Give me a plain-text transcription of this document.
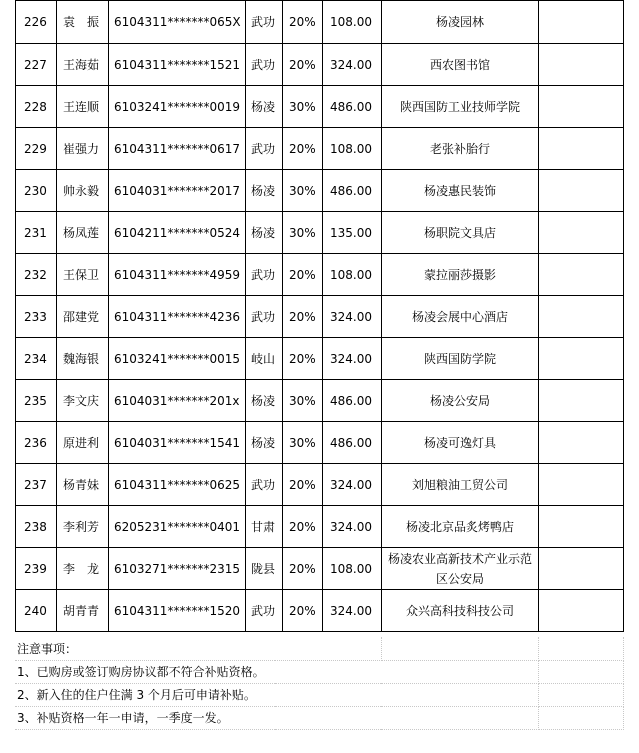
226	袁　振	6104311*******065X	武功	20%	108.00	杨凌园林	
227	王海茹	6104311*******1521	武功	20%	324.00	西农图书馆	
228	王连顺	6103241*******0019	杨凌	30%	486.00	陕西国防工业技师学院	
229	崔强力	6104311*******0617	武功	20%	108.00	老张补胎行	
230	帅永毅	6104031*******2017	杨凌	30%	486.00	杨凌惠民装饰	
231	杨凤莲	6104211*******0524	杨凌	30%	135.00	杨职院文具店	
232	王保卫	6104311*******4959	武功	20%	108.00	蒙拉丽莎摄影	
233	邵建党	6104311*******4236	武功	20%	324.00	杨凌会展中心酒店	
234	魏海银	6103241*******0015	岐山	20%	324.00	陕西国防学院	
235	李文庆	6104031*******201x	杨凌	30%	486.00	杨凌公安局	
236	原进利	6104031*******1541	杨凌	30%	486.00	杨凌可逸灯具	
237	杨青妹	6104311*******0625	武功	20%	324.00	刘旭粮油工贸公司	
238	李利芳	6205231*******0401	甘肃	20%	324.00	杨凌北京品炙烤鸭店	
239	李　龙	6103271*******2315	陇县	20%	108.00	杨凌农业高新技术产业示范区公安局	
240	胡青青	6104311*******1520	武功	20%	324.00	众兴高科技科技公司	
注意事项：			
1、已购房或签订购房协议都不符合补贴资格。			
2、新入住的住户住满 3 个月后可申请补贴。			
3、补贴资格一年一申请，一季度一发。			
